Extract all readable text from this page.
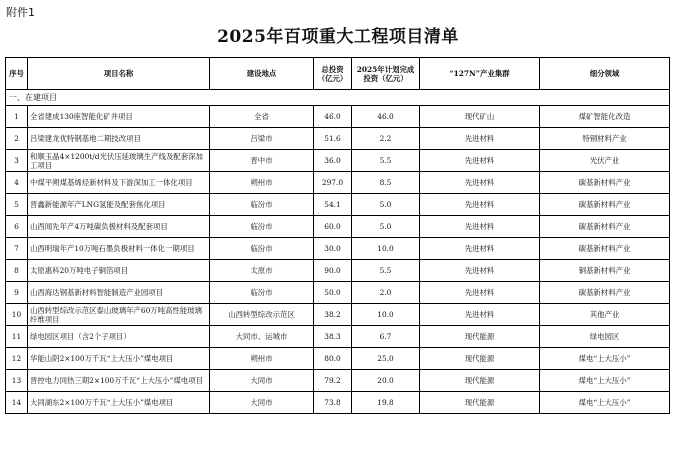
附件1
2025年百项重大工程项目清单
序号	项目名称	建设地点	总投资（亿元）	2025年计划完成投资（亿元）	“127N”产业集群	细分领域
一、在建项目						
1	全省建成130座智能化矿井项目	全省	46.0	46.0	现代矿山	煤矿智能化改造
2	吕梁建龙优特钢基地二期技改项目	吕梁市	51.6	2.2	先进材料	特钢材料产业
3	和顺玉晶4×1200t/d光伏压延玻璃生产线及配套深加工项目	晋中市	36.0	5.5	先进材料	光伏产业
4	中煤平朔煤基烯烃新材料及下游深加工一体化项目	朔州市	297.0	8.5	先进材料	碳基新材料产业
5	晋鑫新能源年产LNG氢能及配套焦化项目	临汾市	54.1	5.0	先进材料	碳基新材料产业
6	山西闻先年产4万吨碳负极材料及配套项目	临汾市	60.0	5.0	先进材料	碳基新材料产业
7	山西明瑞年产10万吨石墨负极材料一体化一期项目	临汾市	30.0	10.0	先进材料	碳基新材料产业
8	太原惠科20万吨电子铜箔项目	太原市	90.0	5.5	先进材料	铜基新材料产业
9	山西海达钢基新材料智能制造产业园项目	临汾市	50.0	2.0	先进材料	碳基新材料产业
10	山西转型综改示范区泰山玻璃年产60万吨高性能玻璃纤维项目	山西转型综改示范区	38.2	10.0	先进材料	其他产业
11	绿电园区项目（含2个子项目）	大同市、运城市	38.3	6.7	现代能源	绿电园区
12	华能山阴2×100万千瓦“上大压小”煤电项目	朔州市	80.0	25.0	现代能源	煤电“上大压小”
13	晋控电力同热三期2×100万千瓦“上大压小”煤电项目	大同市	79.2	20.0	现代能源	煤电“上大压小”
14	大同湖东2×100万千瓦“上大压小”煤电项目	大同市	73.8	19.8	现代能源	煤电“上大压小”
